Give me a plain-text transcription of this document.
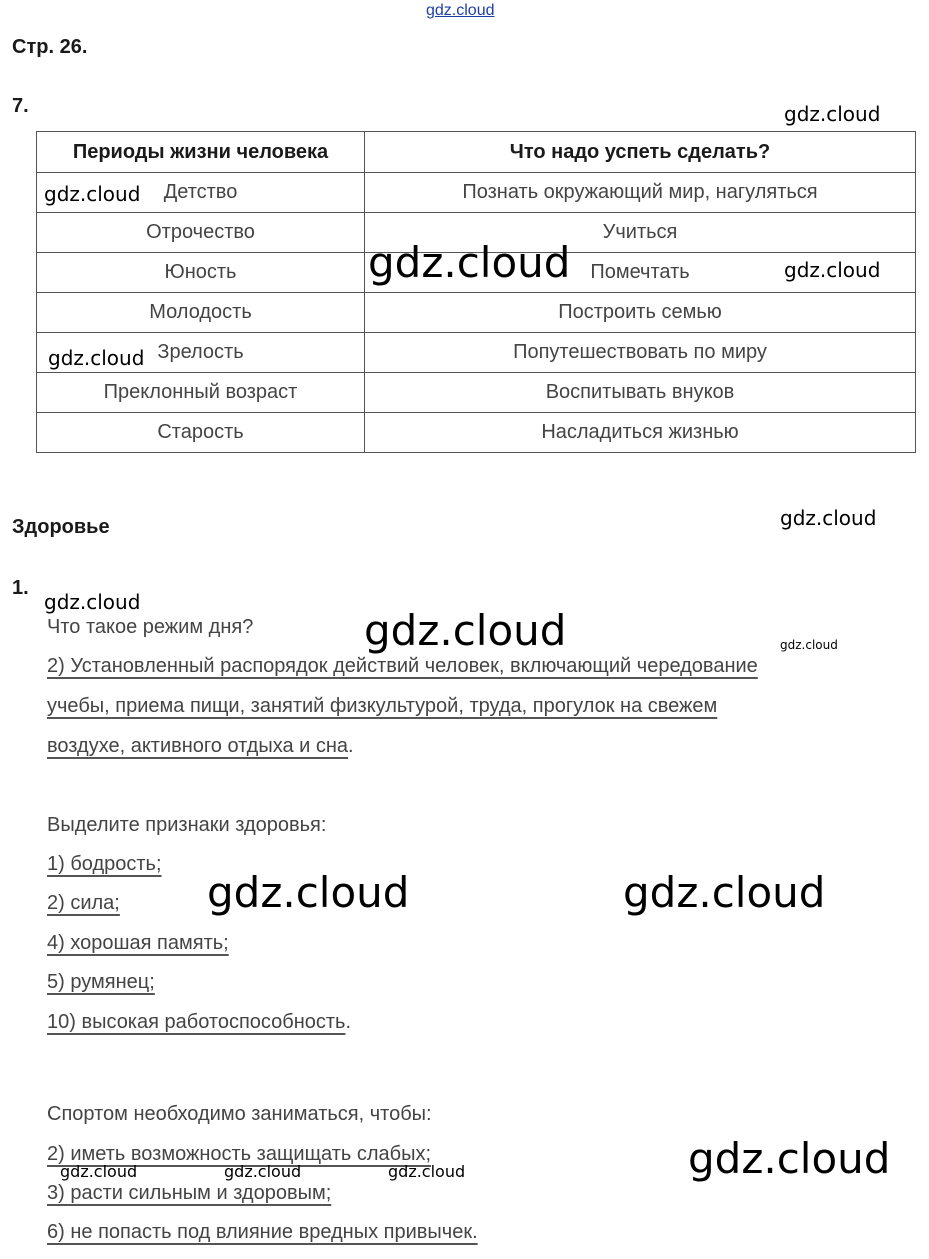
gdz.cloud
Стр. 26.
7.
Периоды жизни человека	Что надо успеть сделать?
Детство	Познать окружающий мир, нагуляться
Отрочество	Учиться
Юность	Помечтать
Молодость	Построить семью
Зрелость	Попутешествовать по миру
Преклонный возраст	Воспитывать внуков
Старость	Насладиться жизнью
Здоровье
1.
Что такое режим дня?
2) Установленный распорядок действий человек, включающий чередование
учебы, приема пищи, занятий физкультурой, труда, прогулок на свежем
воздухе, активного отдыха и сна.
Выделите признаки здоровья:
1) бодрость;
2) сила;
4) хорошая память;
5) румянец;
10) высокая работоспособность.
Спортом необходимо заниматься, чтобы:
2) иметь возможность защищать слабых;
3) расти сильным и здоровым;
6) не попасть под влияние вредных привычек.
gdz.cloud
gdz.cloud
gdz.cloud	gdz.cloud
gdz.cloud
gdz.cloud
gdz.cloud
gdz.cloud	gdz.cloud
gdz.cloud	gdz.cloud
gdz.cloud
gdz.cloud	gdz.cloud	gdz.cloud
